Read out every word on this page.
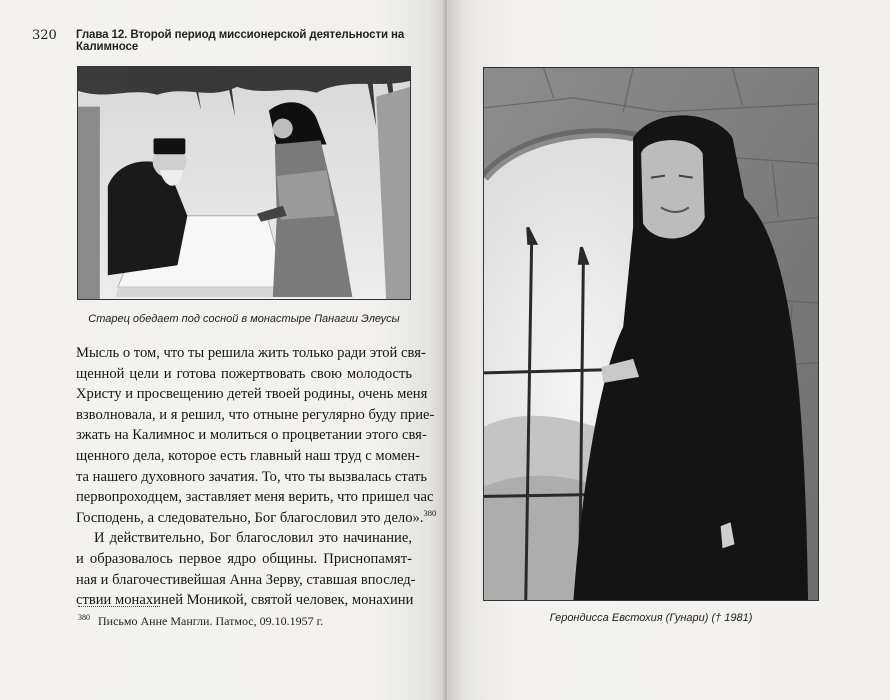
320 Глава 12. Второй период миссионерской деятельности на Калимносе
Старец обедает под сосной в монастыре Панагии Элеусы
Мысль о том, что ты решила жить только ради этой свя-
щенной цели и готова пожертвовать свою молодость
Христу и просвещению детей твоей родины, очень меня
взволновала, и я решил, что отныне регулярно буду прие-
зжать на Калимнос и молиться о процветании этого свя-
щенного дела, которое есть главный наш труд с момен-
та нашего духовного зачатия. То, что ты вызвалась стать
первопроходцем, заставляет меня верить, что пришел час
Господень, а следовательно, Бог благословил это дело».$^{380}$
И действительно, Бог благословил это начинание,
и образовалось первое ядро общины. Приснопамят-
ная и благочестивейшая Анна Зерву, ставшая впослед-
ствии монахиней Моникой, святой человек, монахини
$^{380}$ Письмо Анне Мангли. Патмос, 09.10.1957 г.	Герондисса Евстохия (Гунари) († 1981)
